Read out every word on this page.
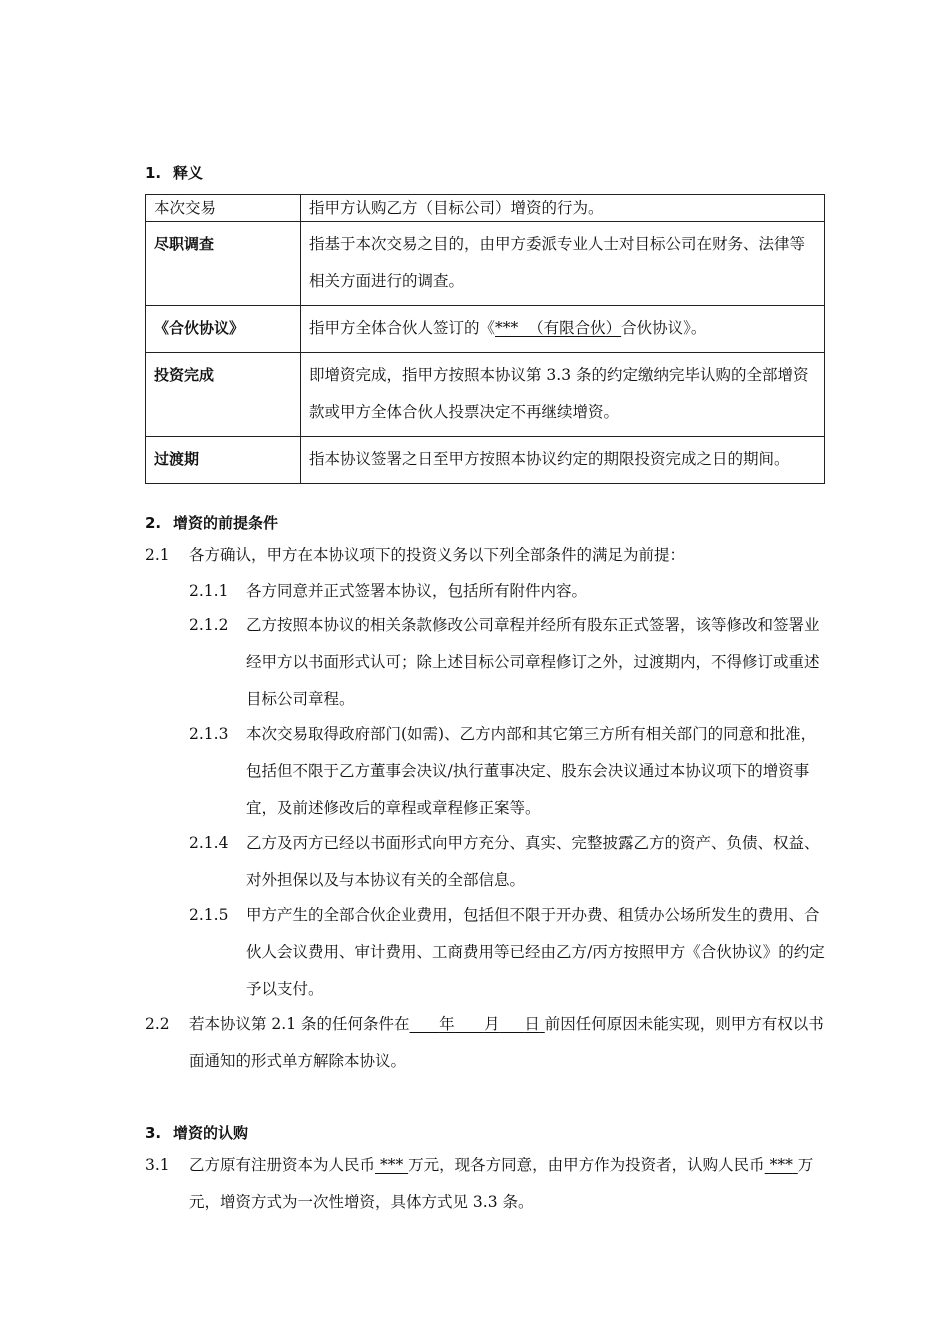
1. 释义
本次交易	指甲方认购乙方（目标公司）增资的行为。
尽职调查	指基于本次交易之目的，由甲方委派专业人士对目标公司在财务、法律等相关方面进行的调查。
《合伙协议》	指甲方全体合伙人签订的《***  （有限合伙）合伙协议》。
投资完成	即增资完成，指甲方按照本协议第 3.3 条的约定缴纳完毕认购的全部增资款或甲方全体合伙人投票决定不再继续增资。
过渡期	指本协议签署之日至甲方按照本协议约定的期限投资完成之日的期间。
2. 增资的前提条件
2.1 各方确认，甲方在本协议项下的投资义务以下列全部条件的满足为前提：
2.1.1 各方同意并正式签署本协议，包括所有附件内容。
2.1.2 乙方按照本协议的相关条款修改公司章程并经所有股东正式签署，该等修改和签署业经甲方以书面形式认可；除上述目标公司章程修订之外，过渡期内，不得修订或重述目标公司章程。
2.1.3 本次交易取得政府部门(如需)、乙方内部和其它第三方所有相关部门的同意和批准，包括但不限于乙方董事会决议/执行董事决定、股东会决议通过本协议项下的增资事宜，及前述修改后的章程或章程修正案等。
2.1.4 乙方及丙方已经以书面形式向甲方充分、真实、完整披露乙方的资产、负债、权益、对外担保以及与本协议有关的全部信息。
2.1.5 甲方产生的全部合伙企业费用，包括但不限于开办费、租赁办公场所发生的费用、合伙人会议费用、审计费用、工商费用等已经由乙方/丙方按照甲方《合伙协议》的约定予以支付。
2.2 若本协议第 2.1 条的任何条件在 年 月 日 前因任何原因未能实现，则甲方有权以书面通知的形式单方解除本协议。
3. 增资的认购
3.1 乙方原有注册资本为人民币 *** 万元，现各方同意，由甲方作为投资者，认购人民币 *** 万元，增资方式为一次性增资，具体方式见 3.3 条。
